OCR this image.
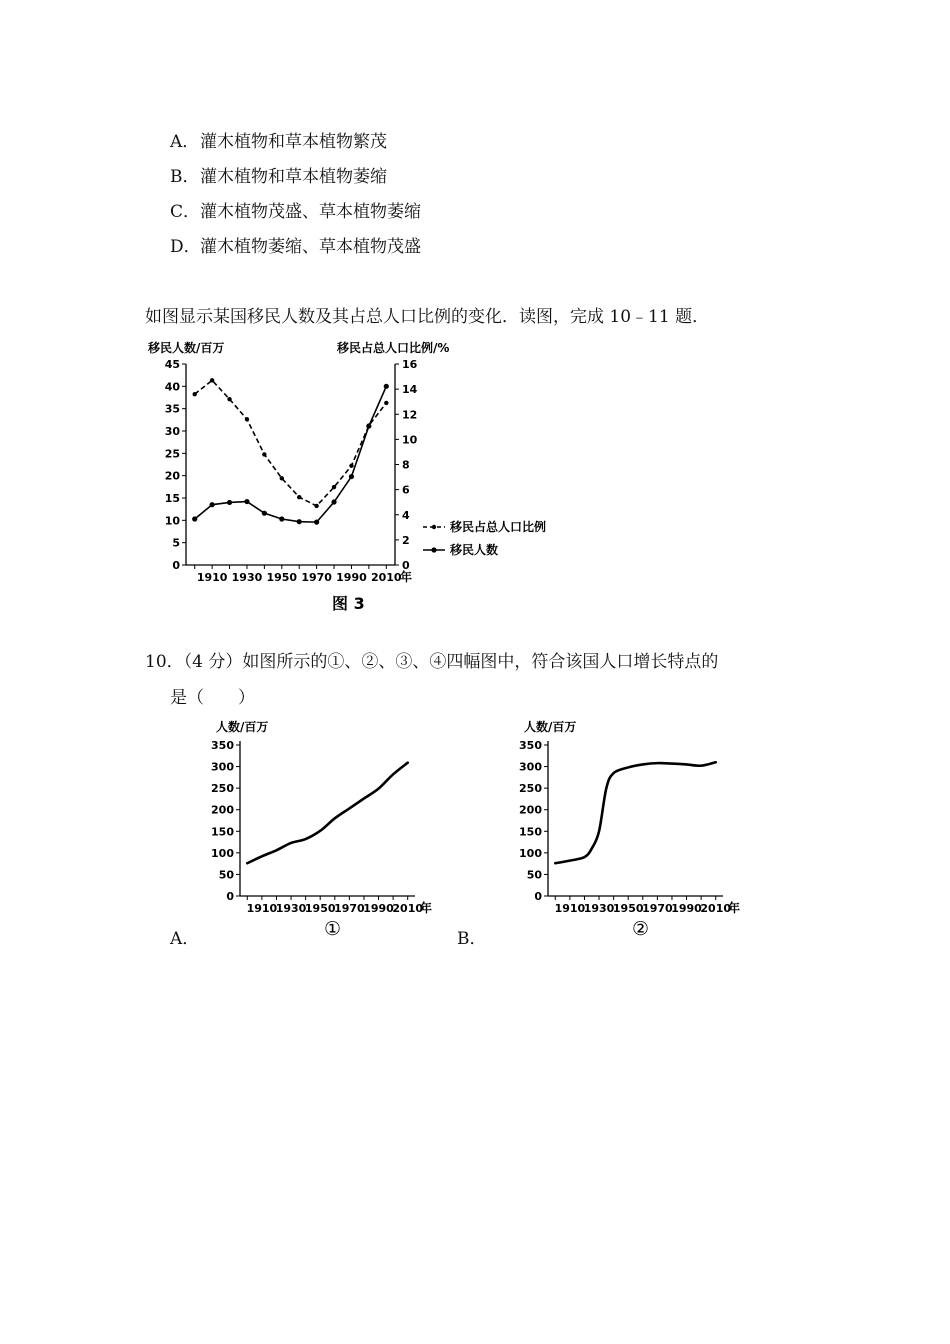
A．灌木植物和草本植物繁茂
B．灌木植物和草本植物萎缩
C．灌木植物茂盛、草本植物萎缩
D．灌木植物萎缩、草本植物茂盛
如图显示某国移民人数及其占总人口比例的变化．读图，完成 10﹣11 题．
移民人数/百万	移民占总人口比例/%
0
5
10
15
20
25
30
35
40
45
0
2
4
6
8
10
12
14
16
1910 1930 1950 1970 1990 2010
年
移民占总人口比例
移民人数
图 3
10．（4 分）如图所示的①、②、③、④四幅图中，符合该国人口增长特点的
是（　　）
人数/百万
0
50
100
150
200
250
300
350
1910
1930
1950
1970
1990
2010
年
①
人数/百万
0
50
100
150
200
250
300
350
1910
1930
1950
1970
1990
2010
年
②
A．	B．
